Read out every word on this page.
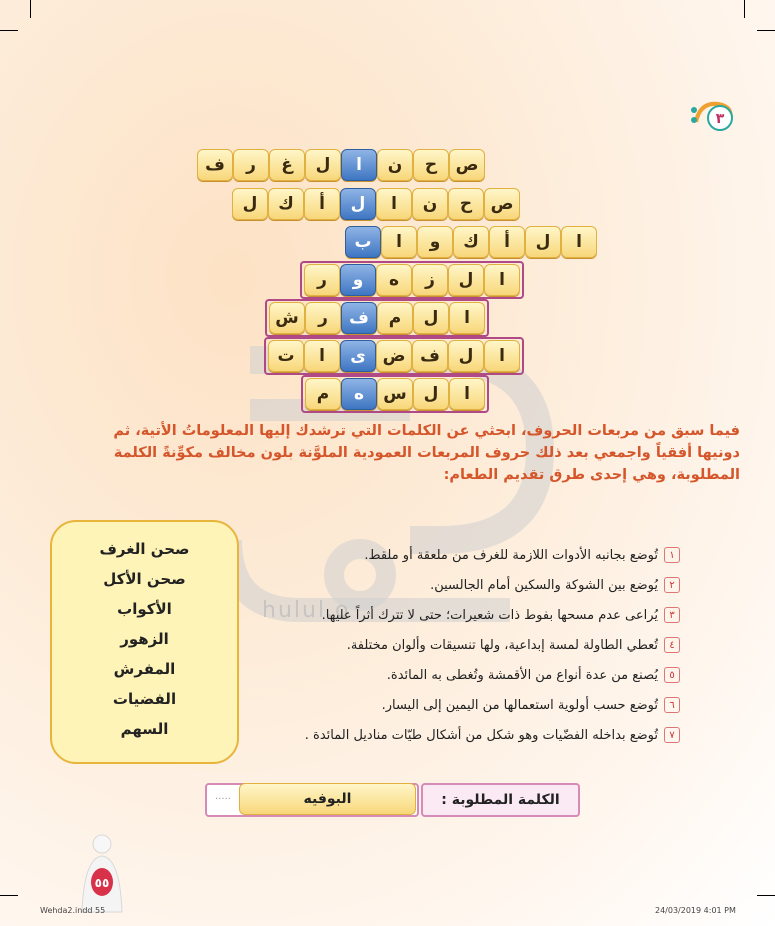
hulul.o
٣
ص
ح
ن
ا
ل
غ
ر
ف
ص
ح
ن
ا
ل
أ
ك
ل
ا
ل
أ
ك
و
ا
ب
ا
ل
ز
ه
و
ر
ا
ل
م
ف
ر
ش
ا
ل
ف
ض
ى
ا
ت
ا
ل
س
ه
م
فيما سبق من مربعات الحروف، ابحثي عن الكلمات التي ترشدك إليها المعلوماتُ الأتية، ثم دونيها أفقياً واجمعي بعد ذلك حروف المربعات العمودية الملوَّنة بلون مخالف مكوِّنةً الكلمة المطلوبة، وهي إحدى طرق تقديم الطعام:
صحن الغرف
صحن الأكل
الأكواب
الزهور
المفرش
الفضيات
السهم
١
تُوضع بجانبه الأدوات اللازمة للغرف من ملعقة أو ملقط.
٢
يُوضع بين الشوكة والسكين أمام الجالسين.
٣
يُراعى عدم مسحها بفوط ذات شعيرات؛ حتى لا تترك أثراً عليها.
٤
تُعطي الطاولة لمسة إبداعية، ولها تنسيقات وألوان مختلفة.
٥
يُصنع من عدة أنواع من الأقمشة وتُغطى به المائدة.
٦
تُوضع حسب أولوية استعمالها من اليمين إلى اليسار.
٧
تُوضع بداخله الفضّيات وهو شكل من أشكال طيّات مناديل المائدة .
الكلمة المطلوبة :
.....	البوفيه
٥٥
Wehda2.indd 55	24/03/2019 4:01 PM
